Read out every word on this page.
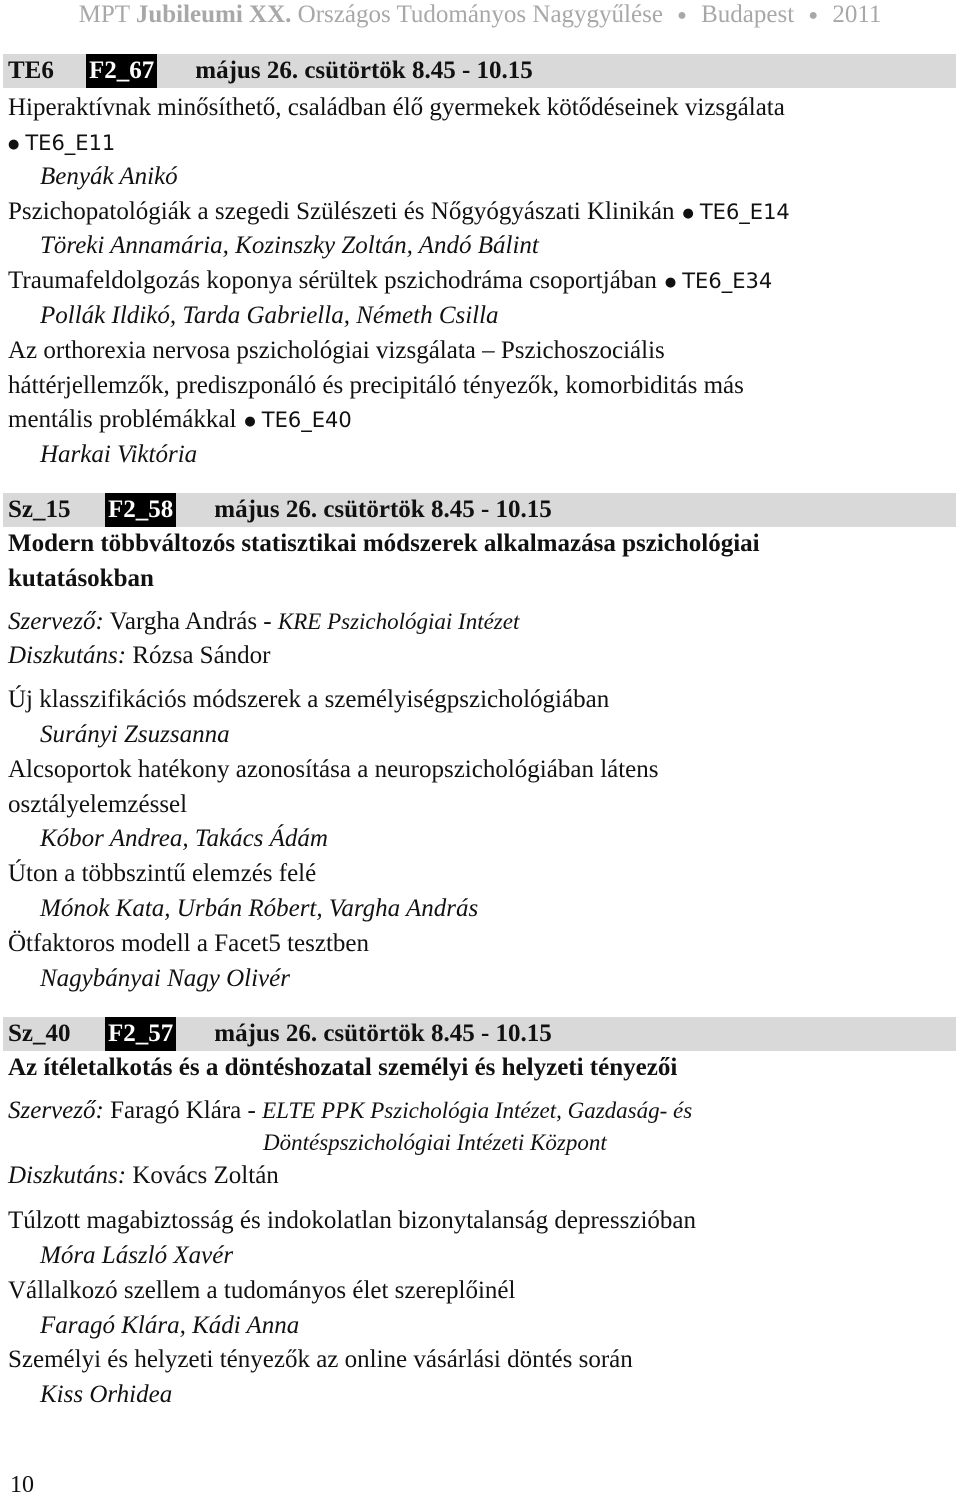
MPT Jubileumi XX. Országos Tudományos Nagygyűlése ● Budapest ● 2011
TE6 F2_67 május 26. csütörtök 8.45 - 10.15
Hiperaktívnak minősíthető, családban élő gyermekek kötődéseinek vizsgálata
● TE6_E11
Benyák Anikó
Pszichopatológiák a szegedi Szülészeti és Nőgyógyászati Klinikán ● TE6_E14
Töreki Annamária, Kozinszky Zoltán, Andó Bálint
Traumafeldolgozás koponya sérültek pszichodráma csoportjában ● TE6_E34
Pollák Ildikó, Tarda Gabriella, Németh Csilla
Az orthorexia nervosa pszichológiai vizsgálata – Pszichoszociális
háttérjellemzők, prediszponáló és precipitáló tényezők, komorbiditás más
mentális problémákkal ● TE6_E40
Harkai Viktória
Sz_15 F2_58 május 26. csütörtök 8.45 - 10.15
Modern többváltozós statisztikai módszerek alkalmazása pszichológiai
kutatásokban
Szervező: Vargha András - KRE Pszichológiai Intézet
Diszkutáns: Rózsa Sándor
Új klasszifikációs módszerek a személyiségpszichológiában
Surányi Zsuzsanna
Alcsoportok hatékony azonosítása a neuropszichológiában látens
osztályelemzéssel
Kóbor Andrea, Takács Ádám
Úton a többszintű elemzés felé
Mónok Kata, Urbán Róbert, Vargha András
Ötfaktoros modell a Facet5 tesztben
Nagybányai Nagy Olivér
Sz_40 F2_57 május 26. csütörtök 8.45 - 10.15
Az ítéletalkotás és a döntéshozatal személyi és helyzeti tényezői
Szervező: Faragó Klára - ELTE PPK Pszichológia Intézet, Gazdaság- és
Döntéspszichológiai Intézeti Központ
Diszkutáns: Kovács Zoltán
Túlzott magabiztosság és indokolatlan bizonytalanság depresszióban
Móra László Xavér
Vállalkozó szellem a tudományos élet szereplőinél
Faragó Klára, Kádi Anna
Személyi és helyzeti tényezők az online vásárlási döntés során
Kiss Orhidea
10
